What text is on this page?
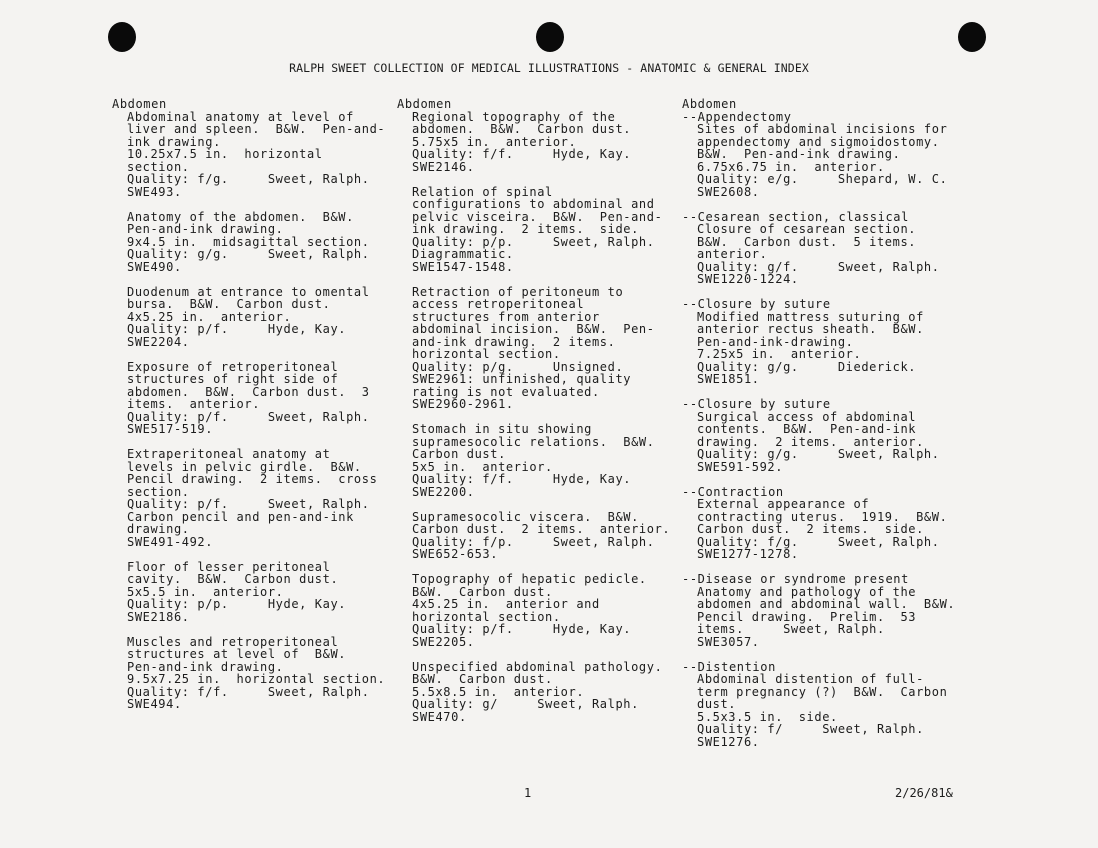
RALPH SWEET COLLECTION OF MEDICAL ILLUSTRATIONS - ANATOMIC & GENERAL INDEX
Abdomen
Abdominal anatomy at level of
liver and spleen.  B&W.  Pen-and-
ink drawing.
10.25x7.5 in.  horizontal
section.
Quality: f/g.     Sweet, Ralph.
SWE493.
Anatomy of the abdomen.  B&W.
Pen-and-ink drawing.
9x4.5 in.  midsagittal section.
Quality: g/g.     Sweet, Ralph.
SWE490.
Duodenum at entrance to omental
bursa.  B&W.  Carbon dust.
4x5.25 in.  anterior.
Quality: p/f.     Hyde, Kay.
SWE2204.
Exposure of retroperitoneal
structures of right side of
abdomen.  B&W.  Carbon dust.  3
items.  anterior.
Quality: p/f.     Sweet, Ralph.
SWE517-519.
Extraperitoneal anatomy at
levels in pelvic girdle.  B&W.
Pencil drawing.  2 items.  cross
section.
Quality: p/f.     Sweet, Ralph.
Carbon pencil and pen-and-ink
drawing.
SWE491-492.
Floor of lesser peritoneal
cavity.  B&W.  Carbon dust.
5x5.5 in.  anterior.
Quality: p/p.     Hyde, Kay.
SWE2186.
Muscles and retroperitoneal
structures at level of  B&W.
Pen-and-ink drawing.
9.5x7.25 in.  horizontal section.
Quality: f/f.     Sweet, Ralph.
SWE494.
Abdomen
Regional topography of the
abdomen.  B&W.  Carbon dust.
5.75x5 in.  anterior.
Quality: f/f.     Hyde, Kay.
SWE2146.
Relation of spinal
configurations to abdominal and
pelvic visceira.  B&W.  Pen-and-
ink drawing.  2 items.  side.
Quality: p/p.     Sweet, Ralph.
Diagrammatic.
SWE1547-1548.
Retraction of peritoneum to
access retroperitoneal
structures from anterior
abdominal incision.  B&W.  Pen-
and-ink drawing.  2 items.
horizontal section.
Quality: p/g.     Unsigned.
SWE2961: unfinished, quality
rating is not evaluated.
SWE2960-2961.
Stomach in situ showing
supramesocolic relations.  B&W.
Carbon dust.
5x5 in.  anterior.
Quality: f/f.     Hyde, Kay.
SWE2200.
Supramesocolic viscera.  B&W.
Carbon dust.  2 items.  anterior.
Quality: f/p.     Sweet, Ralph.
SWE652-653.
Topography of hepatic pedicle.
B&W.  Carbon dust.
4x5.25 in.  anterior and
horizontal section.
Quality: p/f.     Hyde, Kay.
SWE2205.
Unspecified abdominal pathology.
B&W.  Carbon dust.
5.5x8.5 in.  anterior.
Quality: g/     Sweet, Ralph.
SWE470.
Abdomen
--Appendectomy
Sites of abdominal incisions for
appendectomy and sigmoidostomy.
B&W.  Pen-and-ink drawing.
6.75x6.75 in.  anterior.
Quality: e/g.     Shepard, W. C.
SWE2608.
--Cesarean section, classical
Closure of cesarean section.
B&W.  Carbon dust.  5 items.
anterior.
Quality: g/f.     Sweet, Ralph.
SWE1220-1224.
--Closure by suture
Modified mattress suturing of
anterior rectus sheath.  B&W.
Pen-and-ink-drawing.
7.25x5 in.  anterior.
Quality: g/g.     Diederick.
SWE1851.
--Closure by suture
Surgical access of abdominal
contents.  B&W.  Pen-and-ink
drawing.  2 items.  anterior.
Quality: g/g.     Sweet, Ralph.
SWE591-592.
--Contraction
External appearance of
contracting uterus.  1919.  B&W.
Carbon dust.  2 items.  side.
Quality: f/g.     Sweet, Ralph.
SWE1277-1278.
--Disease or syndrome present
Anatomy and pathology of the
abdomen and abdominal wall.  B&W.
Pencil drawing.  Prelim.  53
items.     Sweet, Ralph.
SWE3057.
--Distention
Abdominal distention of full-
term pregnancy (?)  B&W.  Carbon
dust.
5.5x3.5 in.  side.
Quality: f/     Sweet, Ralph.
SWE1276.
1	2/26/81&
